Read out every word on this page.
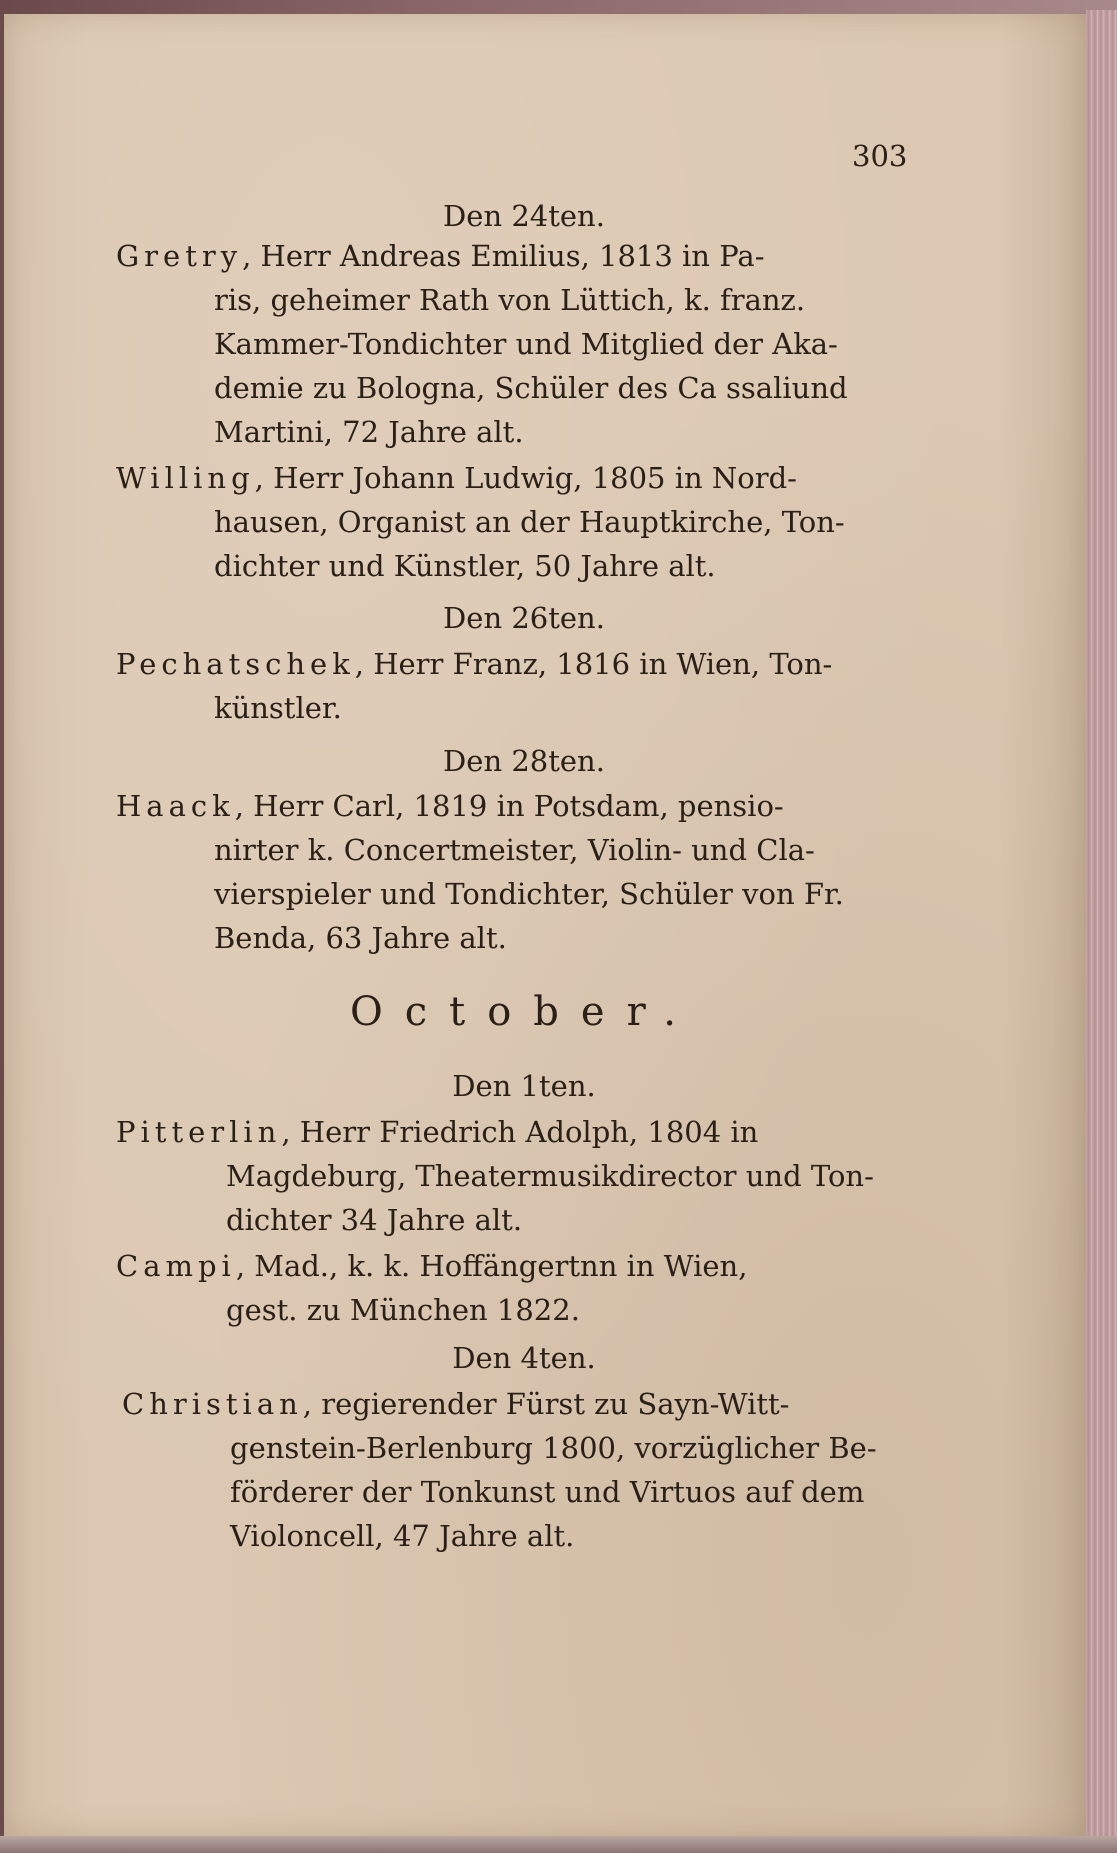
303
Den 24ten.
Gretry, Herr Andreas Emilius, 1813 in Pa-
ris, geheimer Rath von Lüttich, k. franz.
Kammer-Tondichter und Mitglied der Aka-
demie zu Bologna, Schüler des Ca ssaliund
Martini, 72 Jahre alt.
Willing, Herr Johann Ludwig, 1805 in Nord-
hausen, Organist an der Hauptkirche, Ton-
dichter und Künstler, 50 Jahre alt.
Den 26ten.
Pechatschek, Herr Franz, 1816 in Wien, Ton-
künstler.
Den 28ten.
Haack, Herr Carl, 1819 in Potsdam, pensio-
nirter k. Concertmeister, Violin- und Cla-
vierspieler und Tondichter, Schüler von Fr.
Benda, 63 Jahre alt.
October.
Den 1ten.
Pitterlin, Herr Friedrich Adolph, 1804 in
Magdeburg, Theatermusikdirector und Ton-
dichter 34 Jahre alt.
Campi, Mad., k. k. Hoffängertnn in Wien,
gest. zu München 1822.
Den 4ten.
Christian, regierender Fürst zu Sayn-Witt-
genstein-Berlenburg 1800, vorzüglicher Be-
förderer der Tonkunst und Virtuos auf dem
Violoncell, 47 Jahre alt.
